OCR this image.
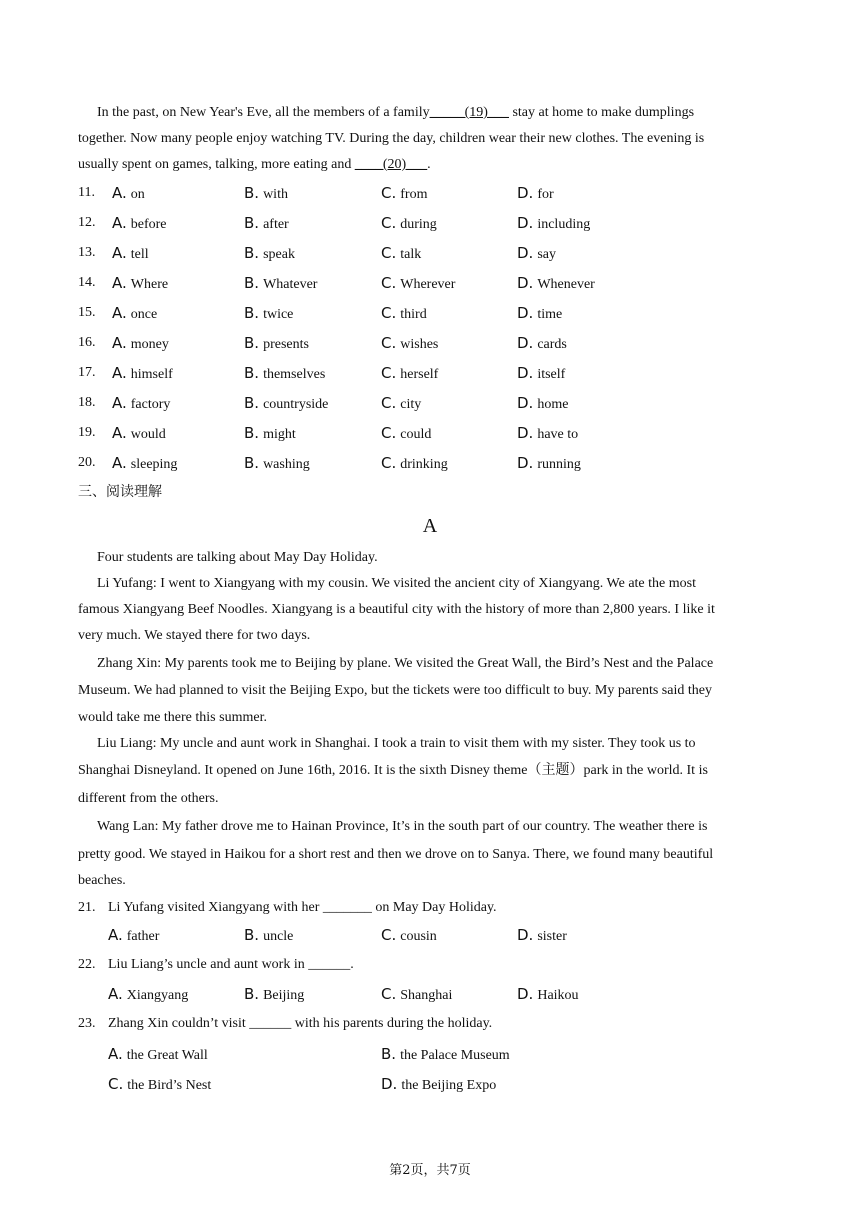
In the past, on New Year's Eve, all the members of a family_____(19)___ stay at home to make dumplings
together. Now many people enjoy watching TV. During the day, children wear their new clothes. The evening is
usually spent on games, talking, more eating and ____(20)___.
11.	A. on	B. with	C. from	D. for
12.	A. before	B. after	C. during	D. including
13.	A. tell	B. speak	C. talk	D. say
14.	A. Where	B. Whatever	C. Wherever	D. Whenever
15.	A. once	B. twice	C. third	D. time
16.	A. money	B. presents	C. wishes	D. cards
17.	A. himself	B. themselves	C. herself	D. itself
18.	A. factory	B. countryside	C. city	D. home
19.	A. would	B. might	C. could	D. have to
20.	A. sleeping	B. washing	C. drinking	D. running
三、阅读理解
A
Four students are talking about May Day Holiday.
Li Yufang: I went to Xiangyang with my cousin. We visited the ancient city of Xiangyang. We ate the most
famous Xiangyang Beef Noodles. Xiangyang is a beautiful city with the history of more than 2,800 years. I like it
very much. We stayed there for two days.
Zhang Xin: My parents took me to Beijing by plane. We visited the Great Wall, the Bird’s Nest and the Palace
Museum. We had planned to visit the Beijing Expo, but the tickets were too difficult to buy. My parents said they
would take me there this summer.
Liu Liang: My uncle and aunt work in Shanghai. I took a train to visit them with my sister. They took us to
Shanghai Disneyland. It opened on June 16th, 2016. It is the sixth Disney theme（主题）park in the world. It is
different from the others.
Wang Lan: My father drove me to Hainan Province, It’s in the south part of our country. The weather there is
pretty good. We stayed in Haikou for a short rest and then we drove on to Sanya. There, we found many beautiful
beaches.
21. Li Yufang visited Xiangyang with her _______ on May Day Holiday.
A. father	B. uncle	C. cousin	D. sister
22. Liu Liang’s uncle and aunt work in ______.
A. Xiangyang	B. Beijing	C. Shanghai	D. Haikou
23. Zhang Xin couldn’t visit ______ with his parents during the holiday.
A. the Great Wall	B. the Palace Museum
C. the Bird’s Nest	D. the Beijing Expo
第2页，共7页
